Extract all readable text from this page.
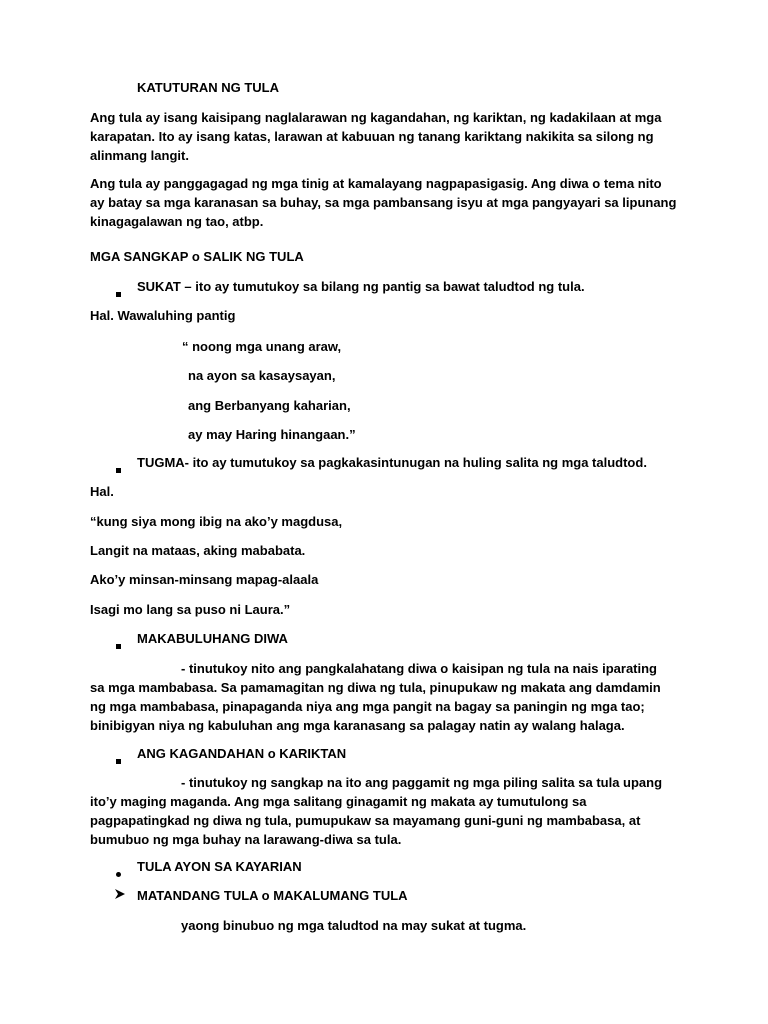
KATUTURAN NG TULA
Ang tula ay isang kaisipang naglalarawan ng kagandahan, ng kariktan, ng kadakilaan at mga
karapatan. Ito ay isang katas, larawan at kabuuan ng tanang kariktang nakikita sa silong ng
alinmang langit.
Ang tula ay panggagagad ng mga tinig at kamalayang nagpapasigasig. Ang diwa o tema nito
ay batay sa mga karanasan sa buhay, sa mga pambansang isyu at mga pangyayari sa lipunang
kinagagalawan ng tao, atbp.
MGA SANGKAP o SALIK NG TULA
SUKAT – ito ay tumutukoy sa bilang ng pantig sa bawat taludtod ng tula.
Hal. Wawaluhing pantig
“ noong mga unang araw,
na ayon sa kasaysayan,
ang Berbanyang kaharian,
ay may Haring hinangaan.”
TUGMA- ito ay tumutukoy sa pagkakasintunugan na huling salita ng mga taludtod.
Hal.
“kung siya mong ibig na ako’y magdusa,
Langit na mataas, aking mababata.
Ako’y minsan-minsang mapag-alaala
Isagi mo lang sa puso ni Laura.”
MAKABULUHANG DIWA
- tinutukoy nito ang pangkalahatang diwa o kaisipan ng tula na nais iparating
sa mga mambabasa. Sa pamamagitan ng diwa ng tula, pinupukaw ng makata ang damdamin
ng mga mambabasa, pinapaganda niya ang mga pangit na bagay sa paningin ng mga tao;
binibigyan niya ng kabuluhan ang mga karanasang sa palagay natin ay walang halaga.
ANG KAGANDAHAN o KARIKTAN
- tinutukoy ng sangkap na ito ang paggamit ng mga piling salita sa tula upang
ito’y maging maganda. Ang mga salitang ginagamit ng makata ay tumutulong sa
pagpapatingkad ng diwa ng tula, pumupukaw sa mayamang guni-guni ng mambabasa, at
bumubuo ng mga buhay na larawang-diwa sa tula.
TULA AYON SA KAYARIAN
MATANDANG TULA o MAKALUMANG TULA
yaong binubuo ng mga taludtod na may sukat at tugma.
